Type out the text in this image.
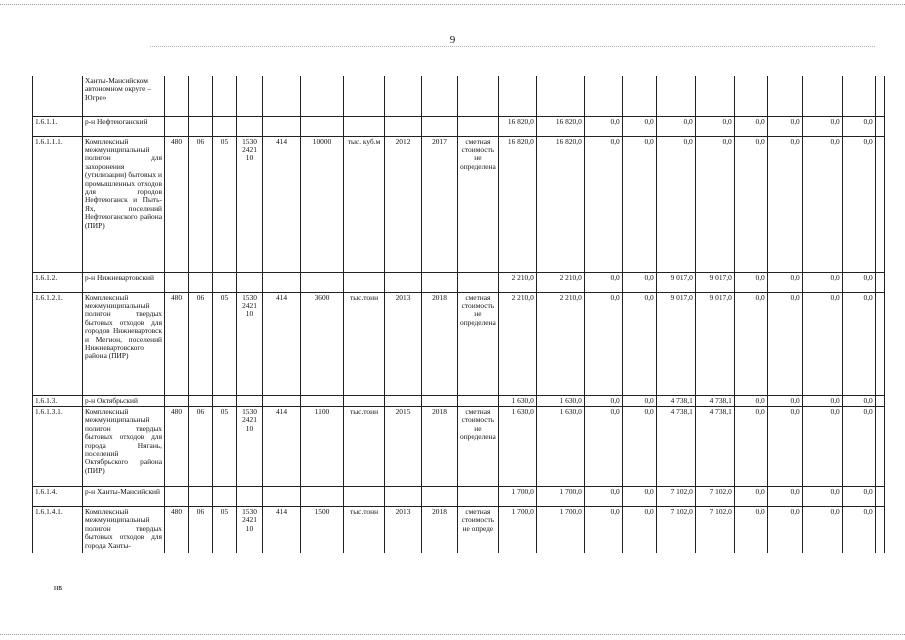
9
	Ханты-Мансийском автономном округе – Югре»																					
1.6.1.1.	р-н Нефтеюганский											16 820,0	16 820,0	0,0	0,0	0,0	0,0	0,0	0,0	0,0	0,0	
1.6.1.1.1.	Комплексный межмуниципальный полигон для захоронения (утилизации) бытовых и промышленных отходов для городов Нефтеюганск и Пыть-Ях, поселений Нефтеюганского района (ПИР)	480	06	05	1530 2421 10	414	10000	тыс. куб.м	2012	2017	сметная стоимость не определена	16 820,0	16 820,0	0,0	0,0	0,0	0,0	0,0	0,0	0,0	0,0	
1.6.1.2.	р-н Нижневартовский											2 210,0	2 210,0	0,0	0,0	9 017,0	9 017,0	0,0	0,0	0,0	0,0	
1.6.1.2.1.	Комплексный межмуниципальный полигон твердых бытовых отходов для городов Нижневартовск и Мегион, поселений Нижневартовского района (ПИР)	480	06	05	1530 2421 10	414	3600	тыс.тонн	2013	2018	сметная стоимость не определена	2 210,0	2 210,0	0,0	0,0	9 017,0	9 017,0	0,0	0,0	0,0	0,0	
1.6.1.3.	р-н Октябрьский											1 630,0	1 630,0	0,0	0,0	4 738,1	4 738,1	0,0	0,0	0,0	0,0	
1.6.1.3.1.	Комплексный межмуниципальный полигон твердых бытовых отходов для города Нягань, поселений Октябрьского района (ПИР)	480	06	05	1530 2421 10	414	1100	тыс.тонн	2015	2018	сметная стоимость не определена	1 630,0	1 630,0	0,0	0,0	4 738,1	4 738,1	0,0	0,0	0,0	0,0	
1.6.1.4.	р-н Ханты-Мансийский											1 700,0	1 700,0	0,0	0,0	7 102,0	7 102,0	0,0	0,0	0,0	0,0	
1.6.1.4.1.	Комплексный межмуниципальный полигон твердых бытовых отходов для города Ханты-	480	06	05	1530 2421 10	414	1500	тыс.тонн	2013	2018	сметная стоимость не опреде	1 700,0	1 700,0	0,0	0,0	7 102,0	7 102,0	0,0	0,0	0,0	0,0	
нв
